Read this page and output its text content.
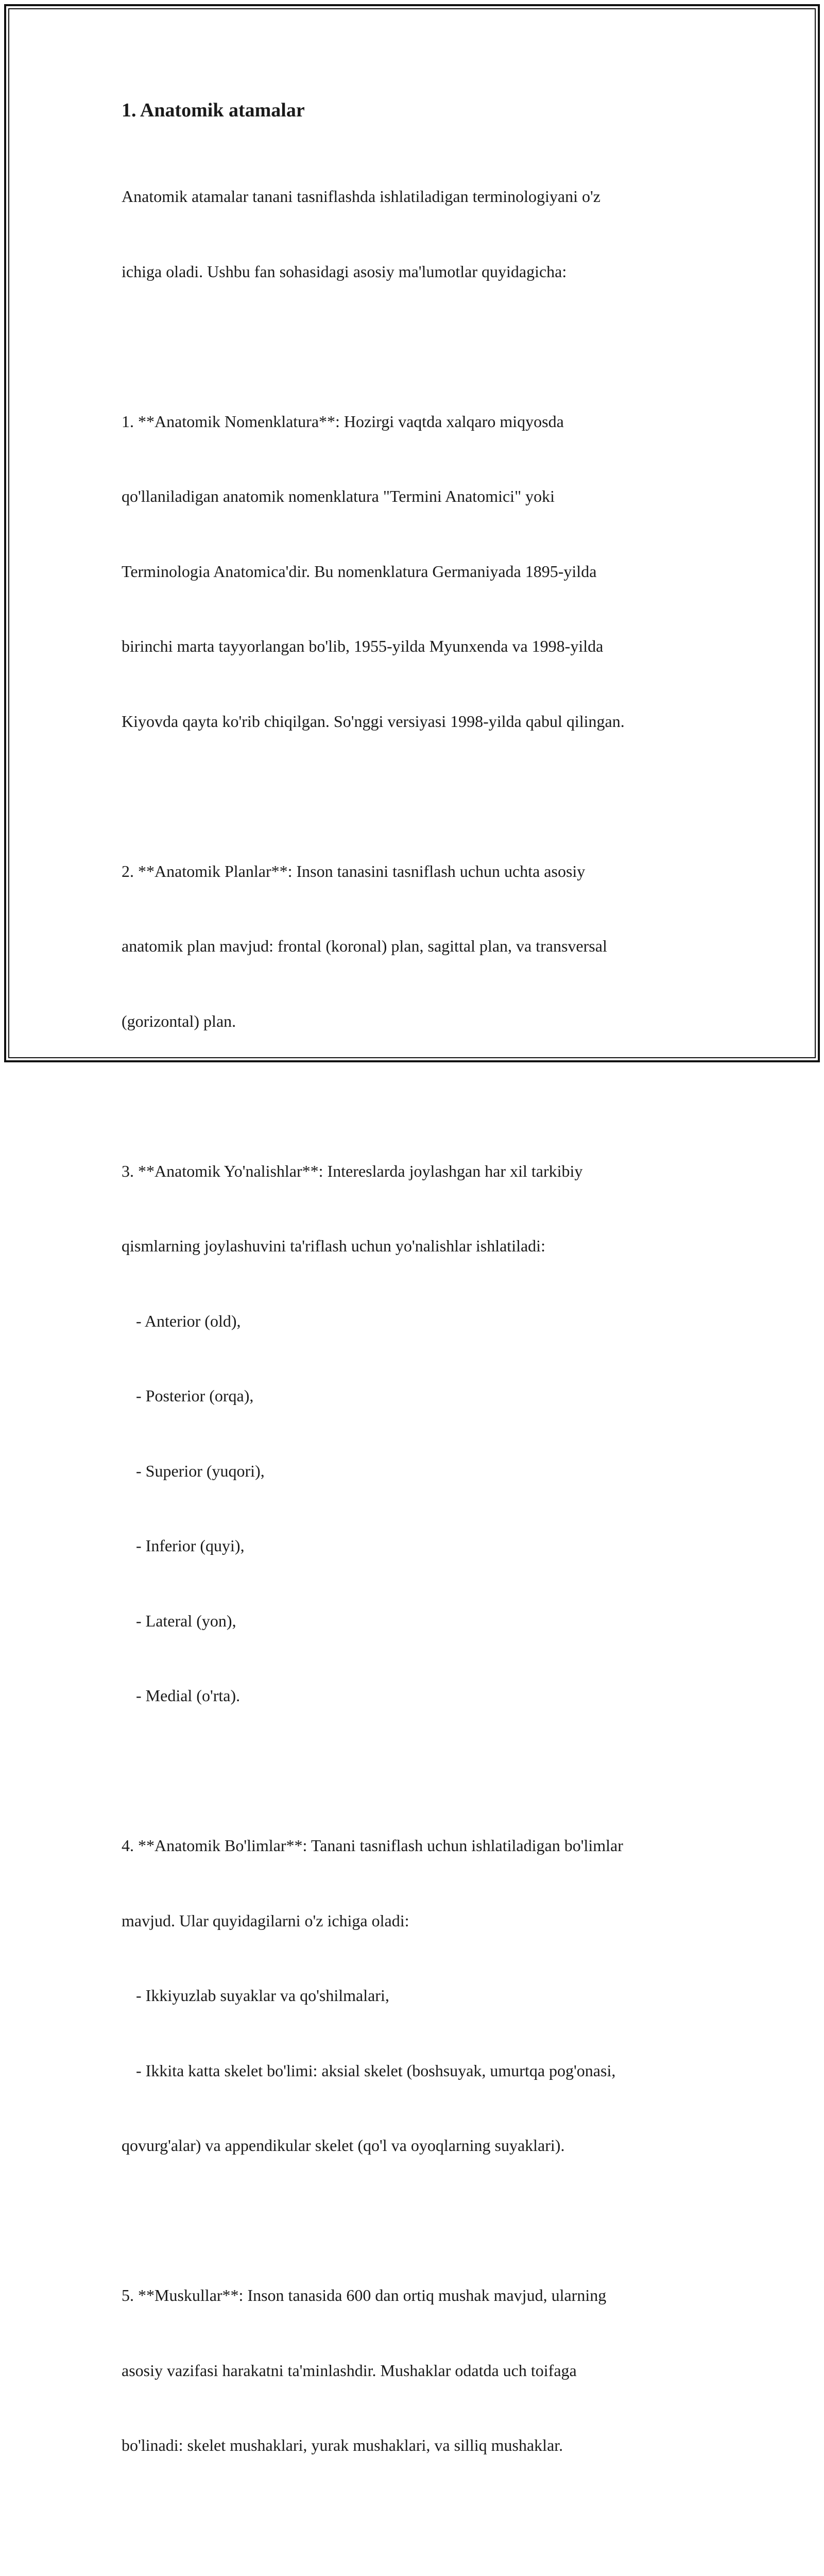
1. Anatomik atamalar

Anatomik atamalar tanani tasniflashda ishlatiladigan terminologiyani o'z

ichiga oladi. Ushbu fan sohasidagi asosiy ma'lumotlar quyidagicha:

1. **Anatomik Nomenklatura**: Hozirgi vaqtda xalqaro miqyosda

qo'llaniladigan anatomik nomenklatura "Termini Anatomici" yoki

Terminologia Anatomica'dir. Bu nomenklatura Germaniyada 1895-yilda

birinchi marta tayyorlangan bo'lib, 1955-yilda Myunxenda va 1998-yilda

Kiyovda qayta ko'rib chiqilgan. So'nggi versiyasi 1998-yilda qabul qilingan.

2. **Anatomik Planlar**: Inson tanasini tasniflash uchun uchta asosiy

anatomik plan mavjud: frontal (koronal) plan, sagittal plan, va transversal

(gorizontal) plan.

3. **Anatomik Yo'nalishlar**: Intereslarda joylashgan har xil tarkibiy

qismlarning joylashuvini ta'riflash uchun yo'nalishlar ishlatiladi:

- Anterior (old),

- Posterior (orqa),

- Superior (yuqori),

- Inferior (quyi),

- Lateral (yon),

- Medial (o'rta).

4. **Anatomik Bo'limlar**: Tanani tasniflash uchun ishlatiladigan bo'limlar

mavjud. Ular quyidagilarni o'z ichiga oladi:

- Ikkiyuzlab suyaklar va qo'shilmalari,

- Ikkita katta skelet bo'limi: aksial skelet (boshsuyak, umurtqa pog'onasi,

qovurg'alar) va appendikular skelet (qo'l va oyoqlarning suyaklari).

5. **Muskullar**: Inson tanasida 600 dan ortiq mushak mavjud, ularning

asosiy vazifasi harakatni ta'minlashdir. Mushaklar odatda uch toifaga

bo'linadi: skelet mushaklari, yurak mushaklari, va silliq mushaklar.
